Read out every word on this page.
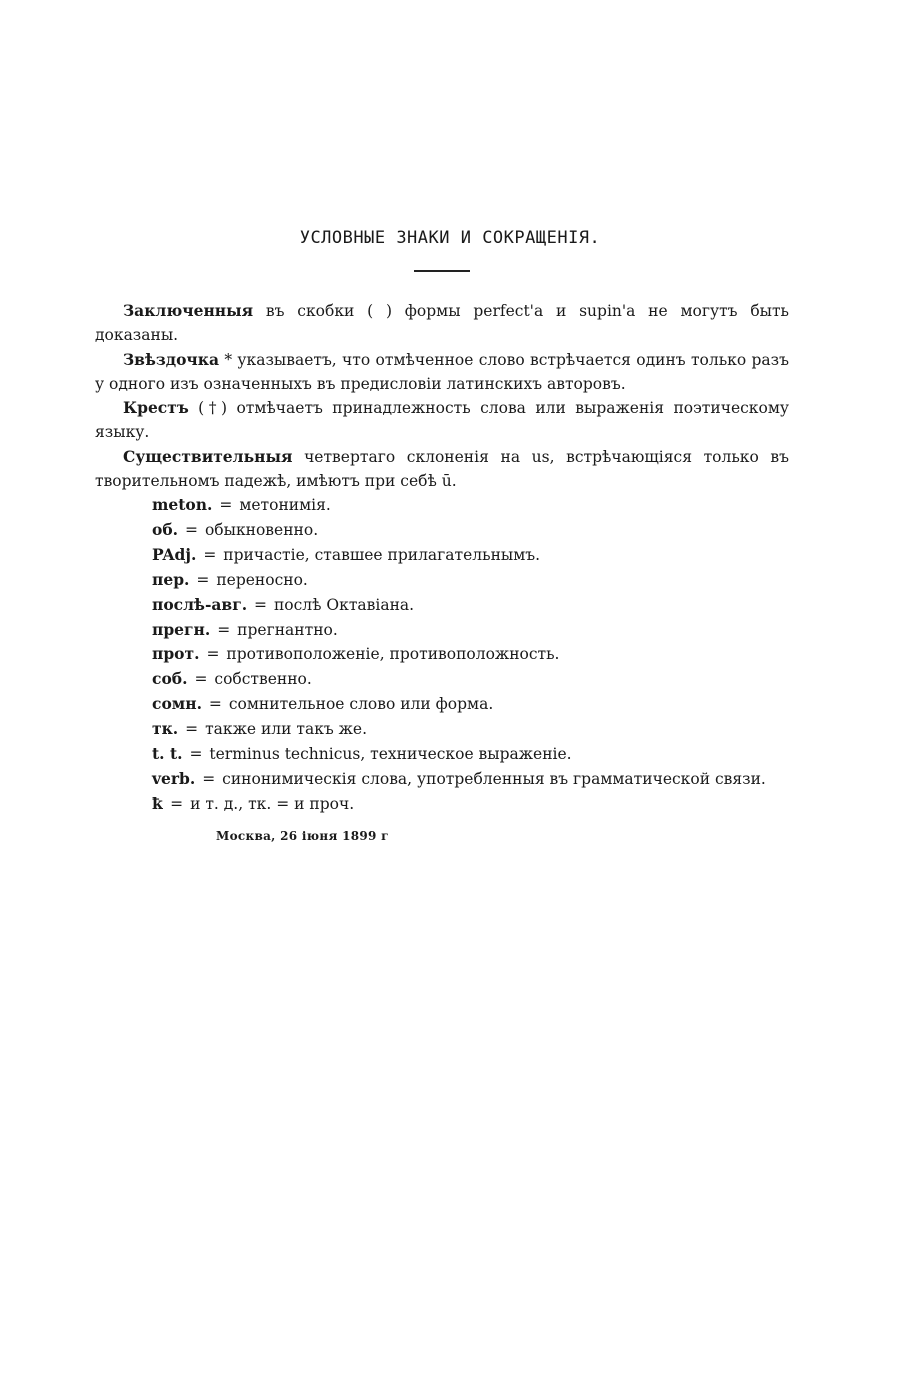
УСЛОВНЫЕ ЗНАКИ И СОКРАЩЕНІЯ.

Заключенныя въ скобки ( ) формы perfect'a и supin'a не могутъ быть доказаны.

Звѣздочка * указываетъ, что отмѣченное слово встрѣчается одинъ только разъ у одного изъ означенныхъ въ предисловіи латинскихъ авторовъ.

Крестъ (†) отмѣчаетъ принадлежность слова или выраженія поэтическому языку.

Существительныя четвертаго склоненія на us, встрѣчающіяся только въ творительномъ падежѣ, имѣютъ при себѣ ū.

meton. = метонимія.
об. = обыкновенно.
PAdj. = причастіе, ставшее прилагательнымъ.
пер. = переносно.
послѣ-авг. = послѣ Октавіана.
прегн. = прегнантно.
прот. = противоположеніе, противоположность.
соб. = собственно.
сомн. = сомнительное слово или форма.
тк. = также или такъ же.
t. t. = terminus technicus, техническое выраженіе.
verb. = синонимическія слова, употребленныя въ грамматической связи.
ꝁ = и т. д., тк. = и проч.
Москва, 26 іюня 1899 г
